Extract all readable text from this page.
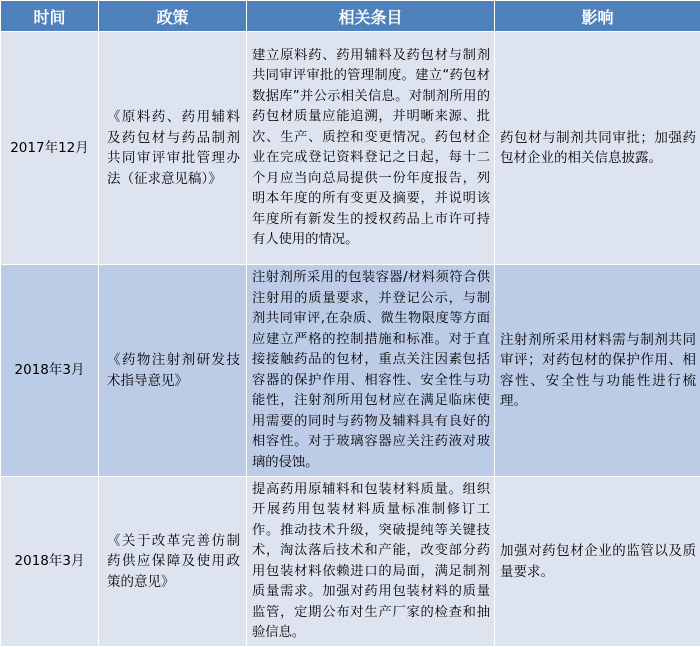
时间	政策	相关条目	影响
2017年12月	《原料药、药用辅料及药包材与药品制剂共同审评审批管理办法（征求意见稿）》	建立原料药、药用辅料及药包材与制剂共同审评审批的管理制度。建立“药包材数据库”并公示相关信息。对制剂所用的药包材质量应能追溯，并明晰来源、批次、生产、质控和变更情况。药包材企业在完成登记资料登记之日起，每十二个月应当向总局提供一份年度报告，列明本年度的所有变更及摘要，并说明该年度所有新发生的授权药品上市许可持有人使用的情况。	药包材与制剂共同审批；加强药包材企业的相关信息披露。
2018年3月	《药物注射剂研发技术指导意见》	注射剂所采用的包装容器/材料须符合供注射用的质量要求，并登记公示，与制剂共同审评,在杂质、微生物限度等方面应建立严格的控制措施和标准。对于直接接触药品的包材，重点关注因素包括容器的保护作用、相容性、安全性与功能性，注射剂所用包材应在满足临床使用需要的同时与药物及辅料具有良好的相容性。对于玻璃容器应关注药液对玻璃的侵蚀。	注射剂所采用材料需与制剂共同审评；对药包材的保护作用、相容性、安全性与功能性进行梳理。
2018年3月	《关于改革完善仿制药供应保障及使用政策的意见》	提高药用原辅料和包装材料质量。组织开展药用包装材料质量标准制修订工作。推动技术升级，突破提纯等关键技术，淘汰落后技术和产能，改变部分药用包装材料依赖进口的局面，满足制剂质量需求。加强对药用包装材料的质量监管，定期公布对生产厂家的检查和抽验信息。	加强对药包材企业的监管以及质量要求。
